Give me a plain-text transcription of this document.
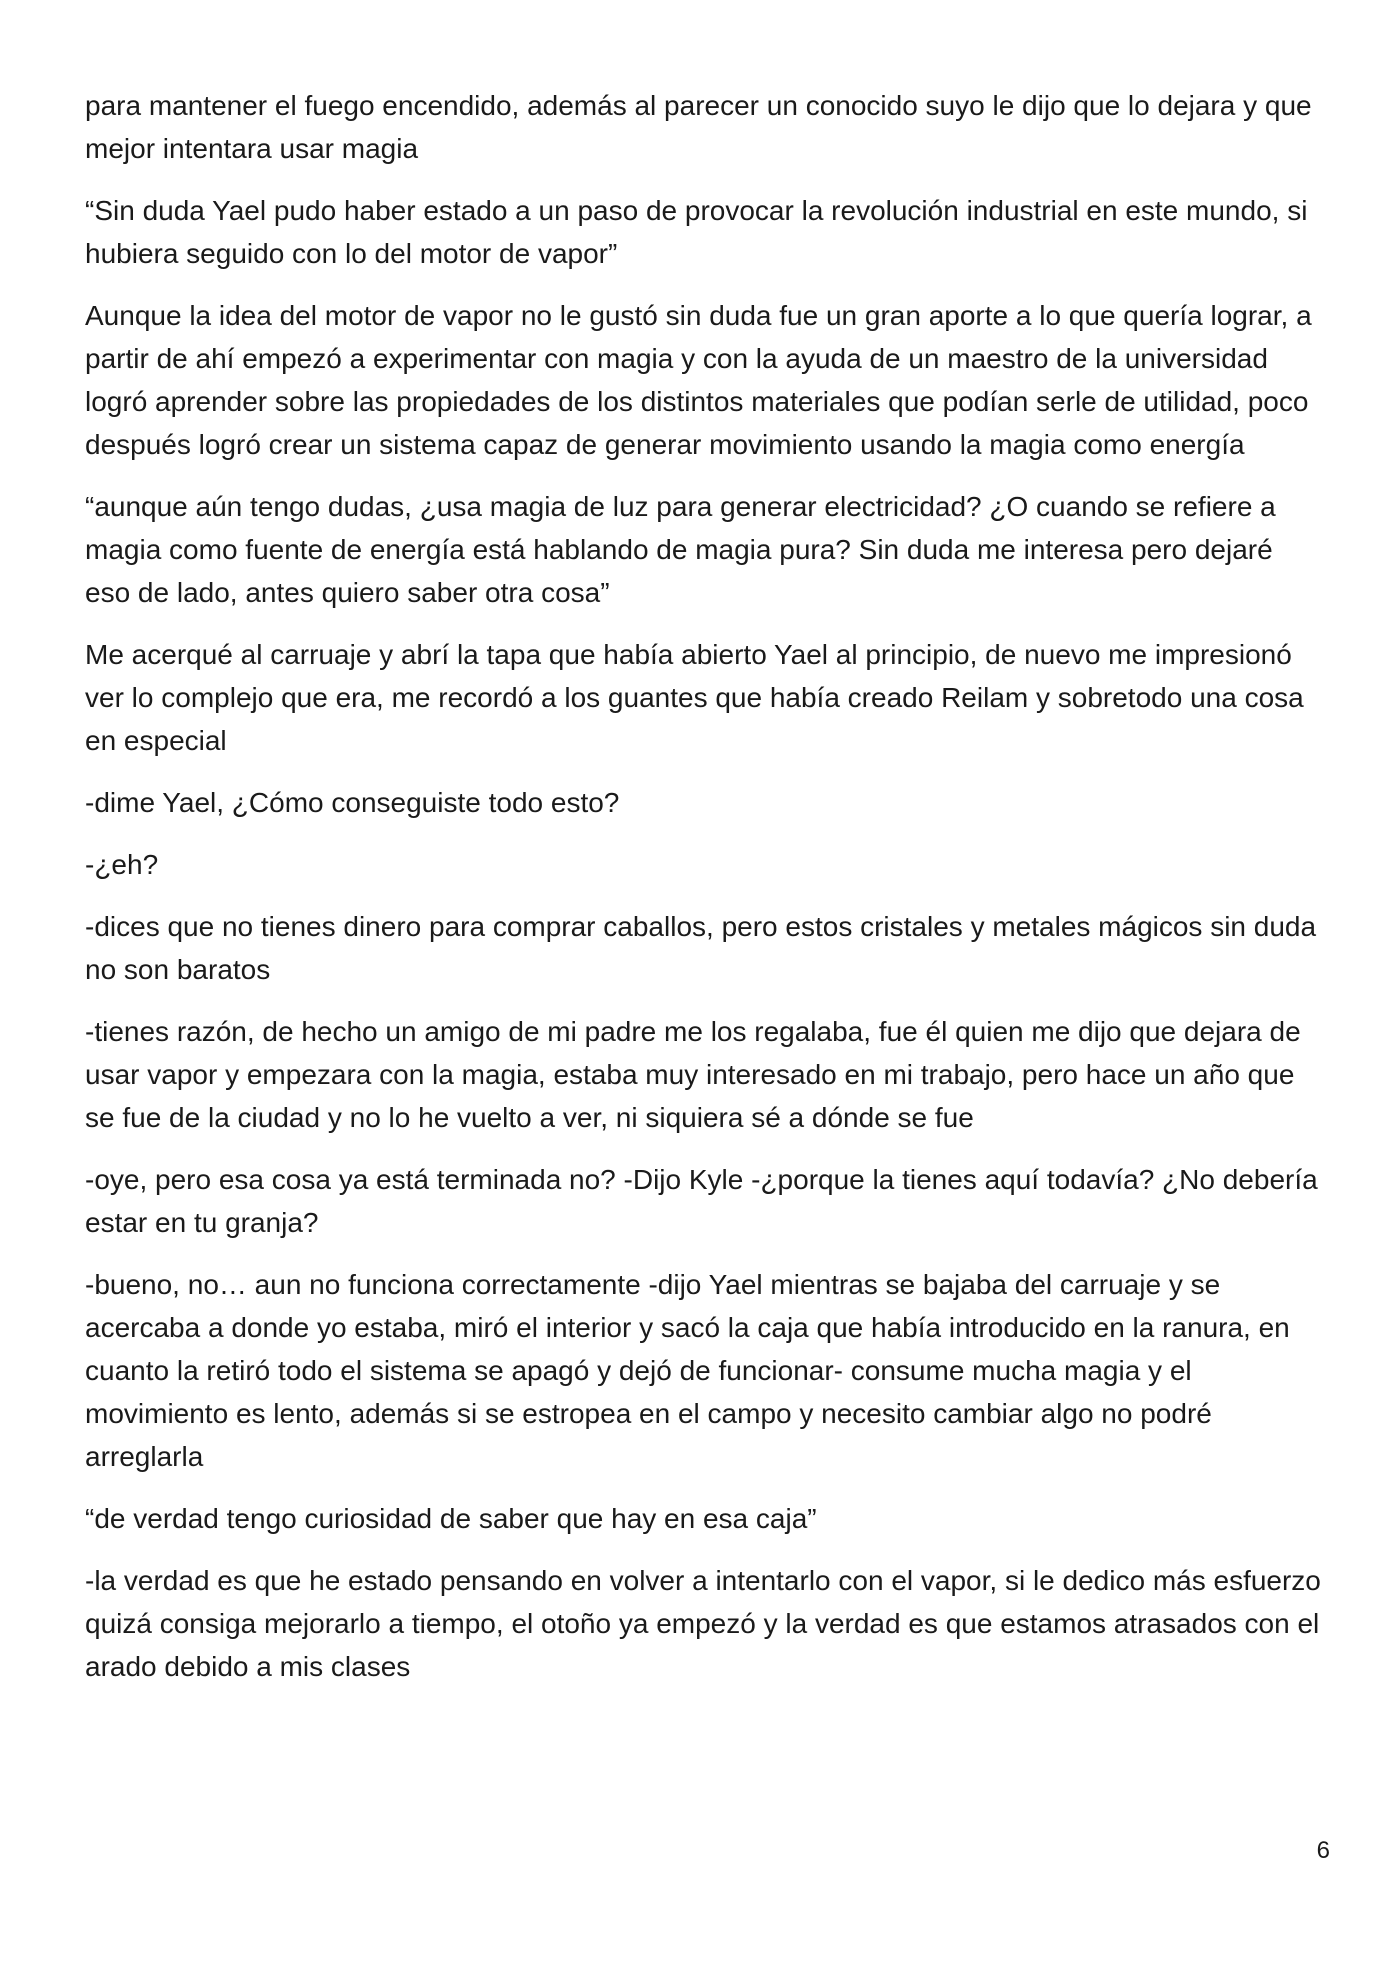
para mantener el fuego encendido, además al parecer un conocido suyo le dijo que lo dejara y que mejor intentara usar magia

“Sin duda Yael pudo haber estado a un paso de provocar la revolución industrial en este mundo, si hubiera seguido con lo del motor de vapor”

Aunque la idea del motor de vapor no le gustó sin duda fue un gran aporte a lo que quería lograr, a partir de ahí empezó a experimentar con magia y con la ayuda de un maestro de la universidad logró aprender sobre las propiedades de los distintos materiales que podían serle de utilidad, poco después logró crear un sistema capaz de generar movimiento usando la magia como energía

“aunque aún tengo dudas, ¿usa magia de luz para generar electricidad? ¿O cuando se refiere a magia como fuente de energía está hablando de magia pura? Sin duda me interesa pero dejaré eso de lado, antes quiero saber otra cosa”

Me acerqué al carruaje y abrí la tapa que había abierto Yael al principio, de nuevo me impresionó ver lo complejo que era, me recordó a los guantes que había creado Reilam y sobretodo una cosa en especial

-dime Yael, ¿Cómo conseguiste todo esto?

-¿eh?

-dices que no tienes dinero para comprar caballos, pero estos cristales y metales mágicos sin duda no son baratos

-tienes razón, de hecho un amigo de mi padre me los regalaba, fue él quien me dijo que dejara de usar vapor y empezara con la magia, estaba muy interesado en mi trabajo, pero hace un año que se fue de la ciudad y no lo he vuelto a ver, ni siquiera sé a dónde se fue

-oye, pero esa cosa ya está terminada no? -Dijo Kyle -¿porque la tienes aquí todavía? ¿No debería estar en tu granja?

-bueno, no… aun no funciona correctamente -dijo Yael mientras se bajaba del carruaje y se acercaba a donde yo estaba, miró el interior y sacó la caja que había introducido en la ranura, en cuanto la retiró todo el sistema se apagó y dejó de funcionar- consume mucha magia y el movimiento es lento, además si se estropea en el campo y necesito cambiar algo no podré arreglarla

“de verdad tengo curiosidad de saber que hay en esa caja”

-la verdad es que he estado pensando en volver a intentarlo con el vapor, si le dedico más esfuerzo quizá consiga mejorarlo a tiempo, el otoño ya empezó y la verdad es que estamos atrasados con el arado debido a mis clases

6
